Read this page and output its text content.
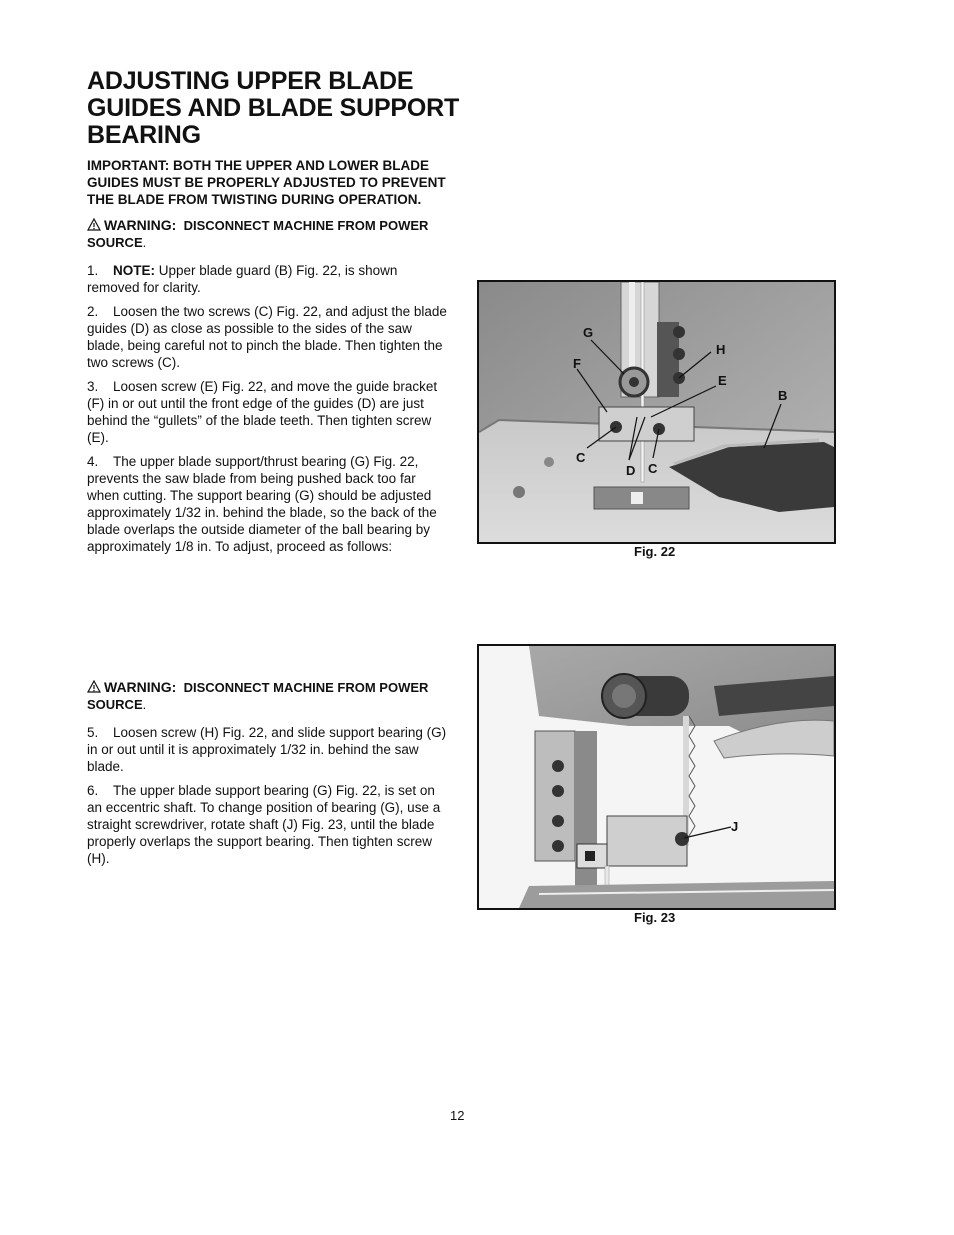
ADJUSTING UPPER BLADE GUIDES AND BLADE SUPPORT BEARING

IMPORTANT: BOTH THE UPPER AND LOWER BLADE GUIDES MUST BE PROPERLY ADJUSTED TO PREVENT THE BLADE FROM TWISTING DURING OPERATION.

WARNING: DISCONNECT MACHINE FROM POWER SOURCE.

1. NOTE: Upper blade guard (B) Fig. 22, is shown removed for clarity.

2. Loosen the two screws (C) Fig. 22, and adjust the blade guides (D) as close as possible to the sides of the saw blade, being careful not to pinch the blade. Then tighten the two screws (C).

3. Loosen screw (E) Fig. 22, and move the guide bracket (F) in or out until the front edge of the guides (D) are just behind the “gullets” of the blade teeth. Then tighten screw (E).

4. The upper blade support/thrust bearing (G) Fig. 22, prevents the saw blade from being pushed back too far when cutting. The support bearing (G) should be adjusted approximately 1/32 in. behind the blade, so the back of the blade overlaps the outside diameter of the ball bearing by approximately 1/8 in. To adjust, proceed as follows:

WARNING: DISCONNECT MACHINE FROM POWER SOURCE.

5. Loosen screw (H) Fig. 22, and slide support bearing (G) in or out until it is approximately 1/32 in. behind the saw blade.

6. The upper blade support bearing (G) Fig. 22, is set on an eccentric shaft. To change position of bearing (G), use a straight screwdriver, rotate shaft (J) Fig. 23, until the blade properly overlaps the support bearing. Then tighten screw (H).

G
H
F
E
B
C
D C
Fig. 22
J
Fig. 23
12
